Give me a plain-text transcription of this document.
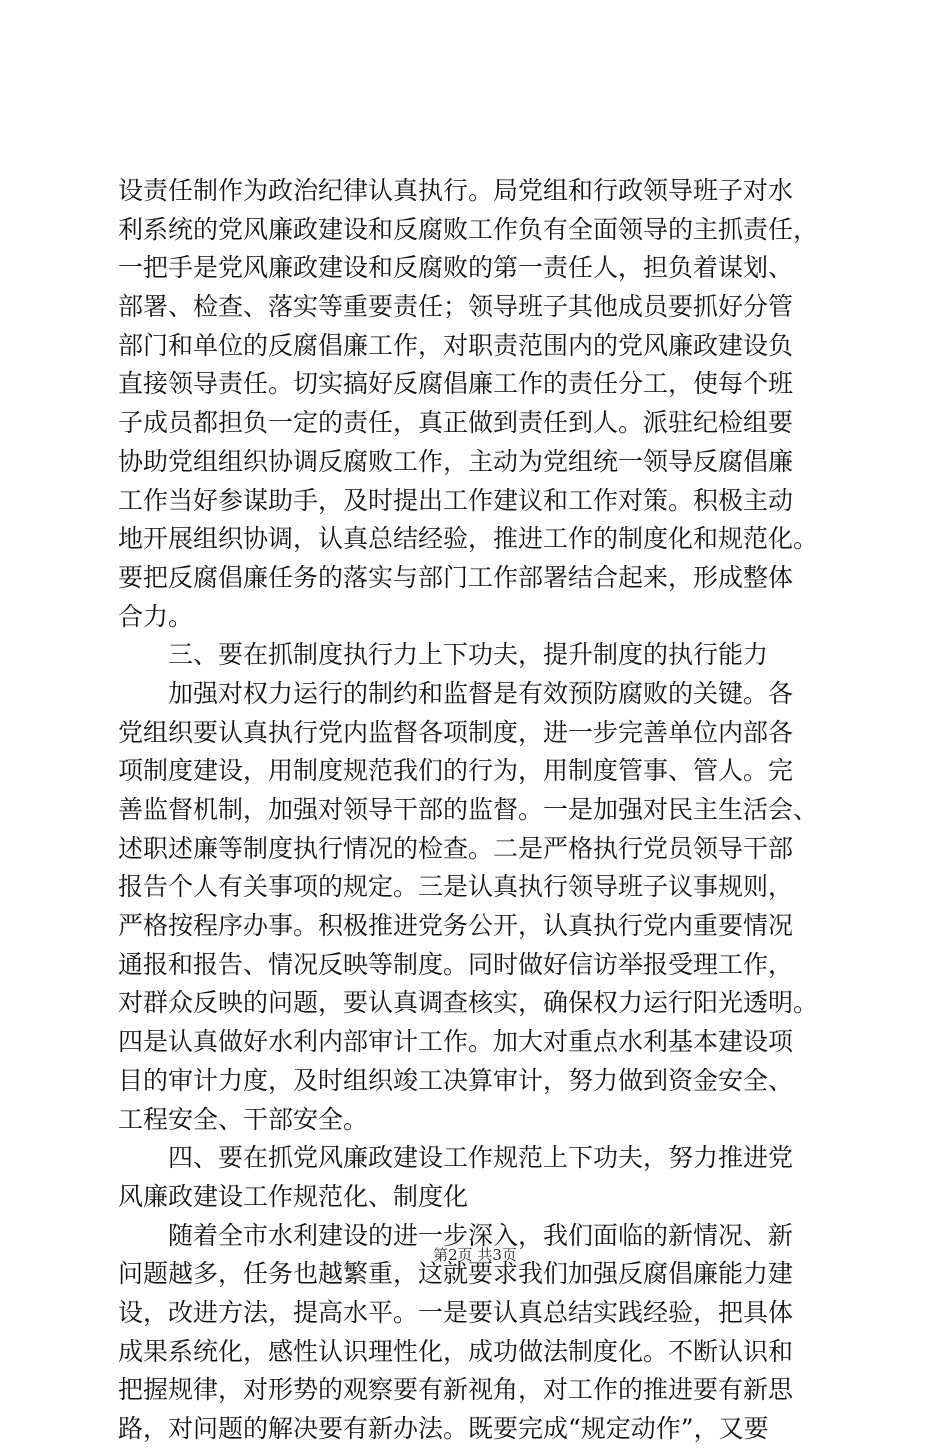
设责任制作为政治纪律认真执行。局党组和行政领导班子对水
利系统的党风廉政建设和反腐败工作负有全面领导的主抓责任，
一把手是党风廉政建设和反腐败的第一责任人，担负着谋划、
部署、检查、落实等重要责任；领导班子其他成员要抓好分管
部门和单位的反腐倡廉工作，对职责范围内的党风廉政建设负
直接领导责任。切实搞好反腐倡廉工作的责任分工，使每个班
子成员都担负一定的责任，真正做到责任到人。派驻纪检组要
协助党组组织协调反腐败工作，主动为党组统一领导反腐倡廉
工作当好参谋助手，及时提出工作建议和工作对策。积极主动
地开展组织协调，认真总结经验，推进工作的制度化和规范化。
要把反腐倡廉任务的落实与部门工作部署结合起来，形成整体
合力。
　　三、要在抓制度执行力上下功夫，提升制度的执行能力
　　加强对权力运行的制约和监督是有效预防腐败的关键。各
党组织要认真执行党内监督各项制度，进一步完善单位内部各
项制度建设，用制度规范我们的行为，用制度管事、管人。完
善监督机制，加强对领导干部的监督。一是加强对民主生活会、
述职述廉等制度执行情况的检查。二是严格执行党员领导干部
报告个人有关事项的规定。三是认真执行领导班子议事规则，
严格按程序办事。积极推进党务公开，认真执行党内重要情况
通报和报告、情况反映等制度。同时做好信访举报受理工作，
对群众反映的问题，要认真调查核实，确保权力运行阳光透明。
四是认真做好水利内部审计工作。加大对重点水利基本建设项
目的审计力度，及时组织竣工决算审计，努力做到资金安全、
工程安全、干部安全。
　　四、要在抓党风廉政建设工作规范上下功夫，努力推进党
风廉政建设工作规范化、制度化
　　随着全市水利建设的进一步深入，我们面临的新情况、新
问题越多，任务也越繁重，这就要求我们加强反腐倡廉能力建
设，改进方法，提高水平。一是要认真总结实践经验，把具体
成果系统化，感性认识理性化，成功做法制度化。不断认识和
把握规律，对形势的观察要有新视角，对工作的推进要有新思
路，对问题的解决要有新办法。既要完成“规定动作”，又要
第2页 共3页
